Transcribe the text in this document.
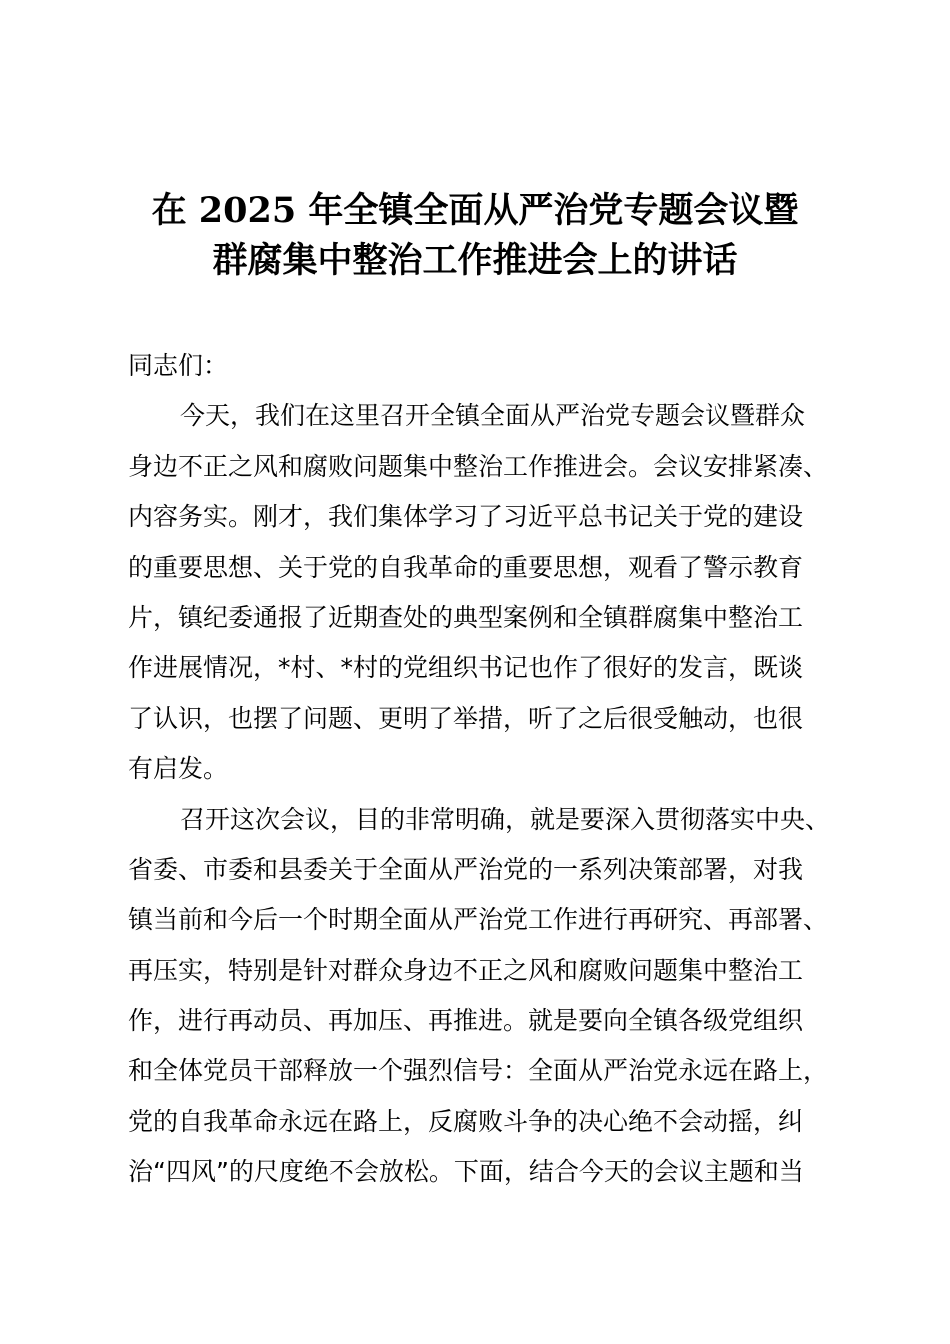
在 2025 年全镇全面从严治党专题会议暨
群腐集中整治工作推进会上的讲话
同志们：
今天，我们在这里召开全镇全面从严治党专题会议暨群众
身边不正之风和腐败问题集中整治工作推进会。会议安排紧凑、
内容务实。刚才，我们集体学习了习近平总书记关于党的建设
的重要思想、关于党的自我革命的重要思想，观看了警示教育
片，镇纪委通报了近期查处的典型案例和全镇群腐集中整治工
作进展情况，*村、*村的党组织书记也作了很好的发言，既谈
了认识，也摆了问题、更明了举措，听了之后很受触动，也很
有启发。
召开这次会议，目的非常明确，就是要深入贯彻落实中央、
省委、市委和县委关于全面从严治党的一系列决策部署，对我
镇当前和今后一个时期全面从严治党工作进行再研究、再部署、
再压实，特别是针对群众身边不正之风和腐败问题集中整治工
作，进行再动员、再加压、再推进。就是要向全镇各级党组织
和全体党员干部释放一个强烈信号：全面从严治党永远在路上，
党的自我革命永远在路上，反腐败斗争的决心绝不会动摇，纠
治“四风”的尺度绝不会放松。下面，结合今天的会议主题和当
